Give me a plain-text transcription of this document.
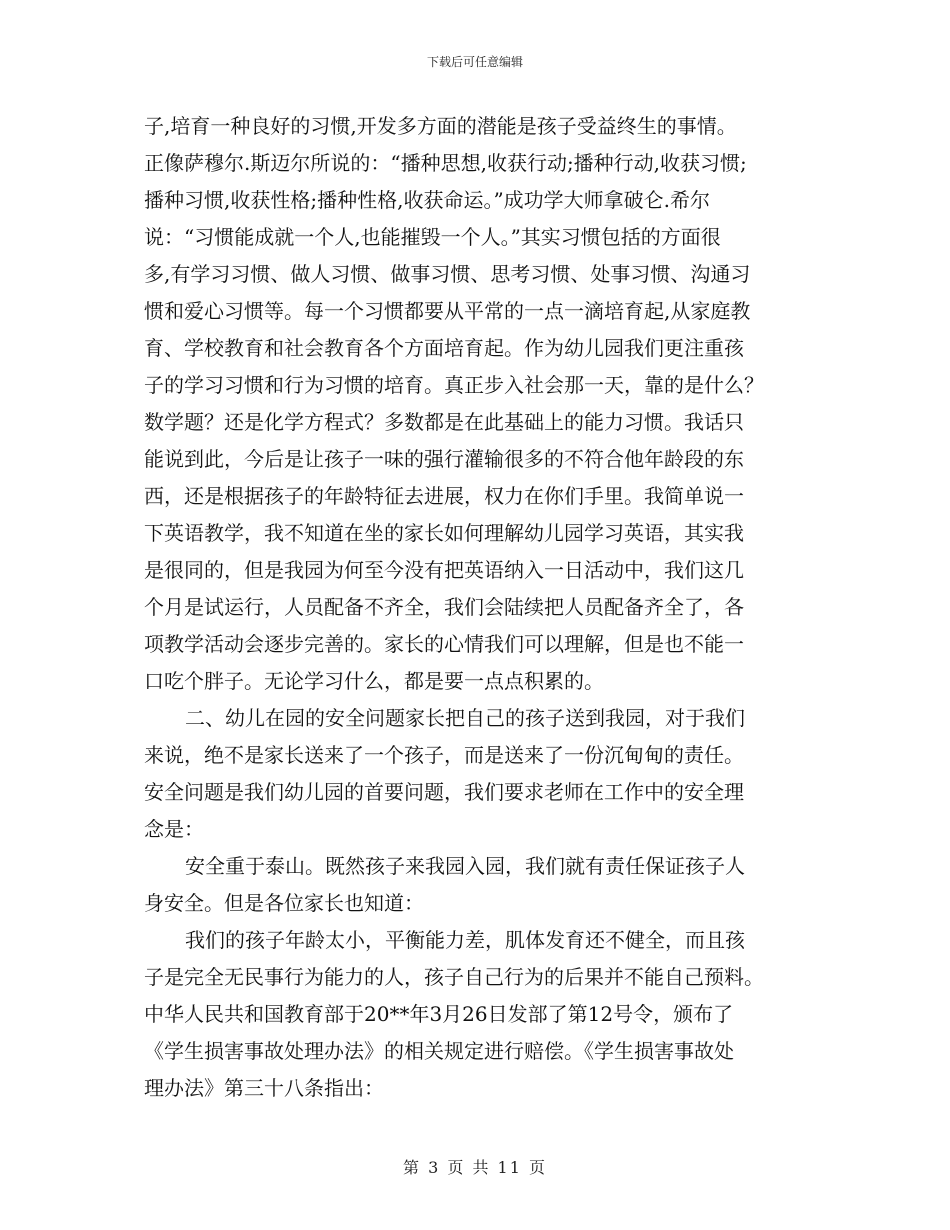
下载后可任意编辑
子,培育一种良好的习惯,开发多方面的潜能是孩子受益终生的事情。
正像萨穆尔.斯迈尔所说的：“播种思想,收获行动;播种行动,收获习惯;
播种习惯,收获性格;播种性格,收获命运。”成功学大师拿破仑.希尔
说：“习惯能成就一个人,也能摧毁一个人。”其实习惯包括的方面很
多,有学习习惯、做人习惯、做事习惯、思考习惯、处事习惯、沟通习
惯和爱心习惯等。每一个习惯都要从平常的一点一滴培育起,从家庭教
育、学校教育和社会教育各个方面培育起。作为幼儿园我们更注重孩
子的学习习惯和行为习惯的培育。真正步入社会那一天，靠的是什么？
数学题？还是化学方程式？多数都是在此基础上的能力习惯。我话只
能说到此，今后是让孩子一味的强行灌输很多的不符合他年龄段的东
西，还是根据孩子的年龄特征去进展，权力在你们手里。我简单说一
下英语教学，我不知道在坐的家长如何理解幼儿园学习英语，其实我
是很同的，但是我园为何至今没有把英语纳入一日活动中，我们这几
个月是试运行，人员配备不齐全，我们会陆续把人员配备齐全了，各
项教学活动会逐步完善的。家长的心情我们可以理解，但是也不能一
口吃个胖子。无论学习什么，都是要一点点积累的。
二、幼儿在园的安全问题家长把自己的孩子送到我园，对于我们
来说，绝不是家长送来了一个孩子，而是送来了一份沉甸甸的责任。
安全问题是我们幼儿园的首要问题，我们要求老师在工作中的安全理
念是：
安全重于泰山。既然孩子来我园入园，我们就有责任保证孩子人
身安全。但是各位家长也知道：
我们的孩子年龄太小，平衡能力差，肌体发育还不健全，而且孩
子是完全无民事行为能力的人，孩子自己行为的后果并不能自己预料。
中华人民共和国教育部于20**年3月26日发部了第12号令，颁布了
《学生损害事故处理办法》的相关规定进行赔偿。《学生损害事故处
理办法》第三十八条指出：
第 3 页 共 11 页
